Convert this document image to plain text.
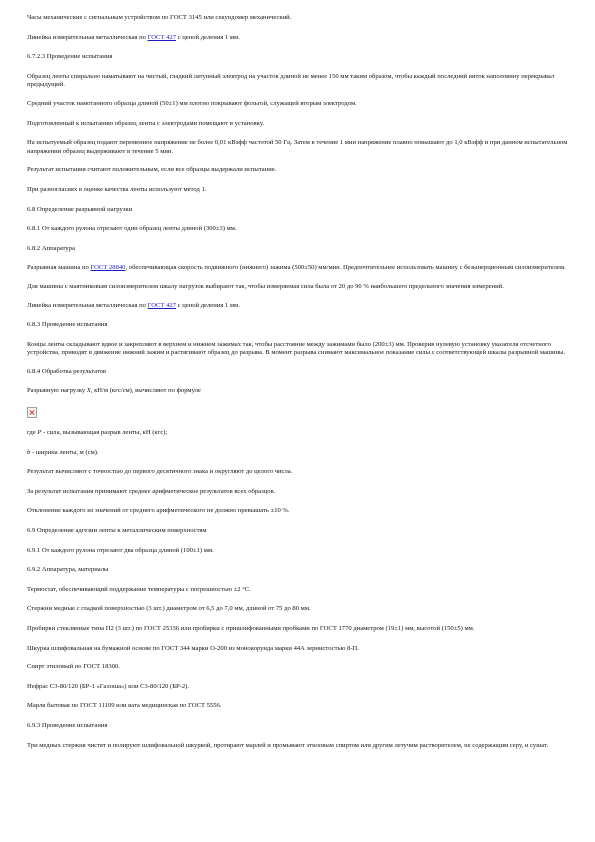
Часы механические с сигнальным устройством по ГОСТ 3145 или секундомер механический.

Линейка измерительная металлическая по ГОСТ 427 с ценой деления 1 мм.

6.7.2.3 Проведение испытания

Образец ленты спирально наматывают на чистый, гладкий латунный электрод на участок длиной не менее 150 мм таким образом, чтобы каждый последний виток наполовину перекрывал предыдущий.

Средний участок намотанного образца длиной (50±1) мм плотно покрывают фольгой, служащей вторым электродом.

Подготовленный к испытанию образец ленты с электродами помещают в установку.

На испытуемый образец подают переменное напряжение не более 0,01 кВэфф частотой 50 Гц. Затем в течение 1 мин напряжение плавно повышают до 1,0 кВэфф и при данном испытательном напряжении образец выдерживают в течение 5 мин.

Результат испытания считают положительным, если все образцы выдержали испытание.

При разногласиях в оценке качества ленты используют метод 1.

6.8 Определение разрывной нагрузки

6.8.1 От каждого рулона отрезают один образец ленты длиной (300±3) мм.

6.8.2 Аппаратура

Разрывная машина по ГОСТ 28840, обеспечивающая скорость подвижного (нижнего) зажима (500±50) мм/мин. Предпочтительнее использовать машину с безынерционным силоизмерителем.

Для машины с маятниковым силоизмерителем шкалу нагрузок выбирают так, чтобы измеряемая сила была от 20 до 90 % наибольшего предельного значения измерений.

Линейка измерительная металлическая по ГОСТ 427 с ценой деления 1 мм.

6.8.3 Проведение испытания

Концы ленты складывают вдвое и закрепляют в верхнем и нижнем зажимах так, чтобы расстояние между зажимами было (200±3) мм. Проверив нулевую установку указателя отсчетного устройства, приводят в движение нижний зажим и растягивают образец до разрыва. В момент разрыва снимают максимальное показание силы с соответствующей шкалы разрывной машины.

6.8.4 Обработка результатов

Разрывную нагрузку Х, кН/м (кгс/см), вычисляют по формуле

где Р - сила, вызывающая разрыв ленты, кН (кгс);

b - ширина ленты, м (см).

Результат вычисляют с точностью до первого десятичного знака и округляют до целого числа.

За результат испытания принимают среднее арифметическое результатов всех образцов.

Отклонение каждого из значений от среднего арифметического не должно превышать ±10 %.

6.9 Определение адгезии ленты к металлическим поверхностям

6.9.1 От каждого рулона отрезают два образца длиной (100±1) мм.

6.9.2 Аппаратура, материалы

Термостат, обеспечивающий поддержание температуры с погрешностью ±2 °С.

Стержни медные с гладкой поверхностью (3 шт.) диаметром от 6,5 до 7,0 мм, длиной от 75 до 80 мм.

Пробирки стеклянные типа П2 (3 шт.) по ГОСТ 25336 или пробирки с пришлифованными пробками по ГОСТ 1770 диаметром (19±1) мм, высотой (150±5) мм.

Шкурка шлифовальная на бумажной основе по ГОСТ 344 марки О-200 из монокорунда марки 44А зернистостью 8-П.

Спирт этиловый по ГОСТ 18300.

Нефрас С3-80/120 (БР-1 «Галоша») или С3-80/120 (БР-2).

Марля бытовая по ГОСТ 11109 или вата медицинская по ГОСТ 5556.

6.9.3 Проведение испытания

Три медных стержня чистят и полируют шлифовальной шкуркой, протирают марлей и промывают этиловым спиртом или другим летучим растворителем, не содержащим серу, и сушат.
